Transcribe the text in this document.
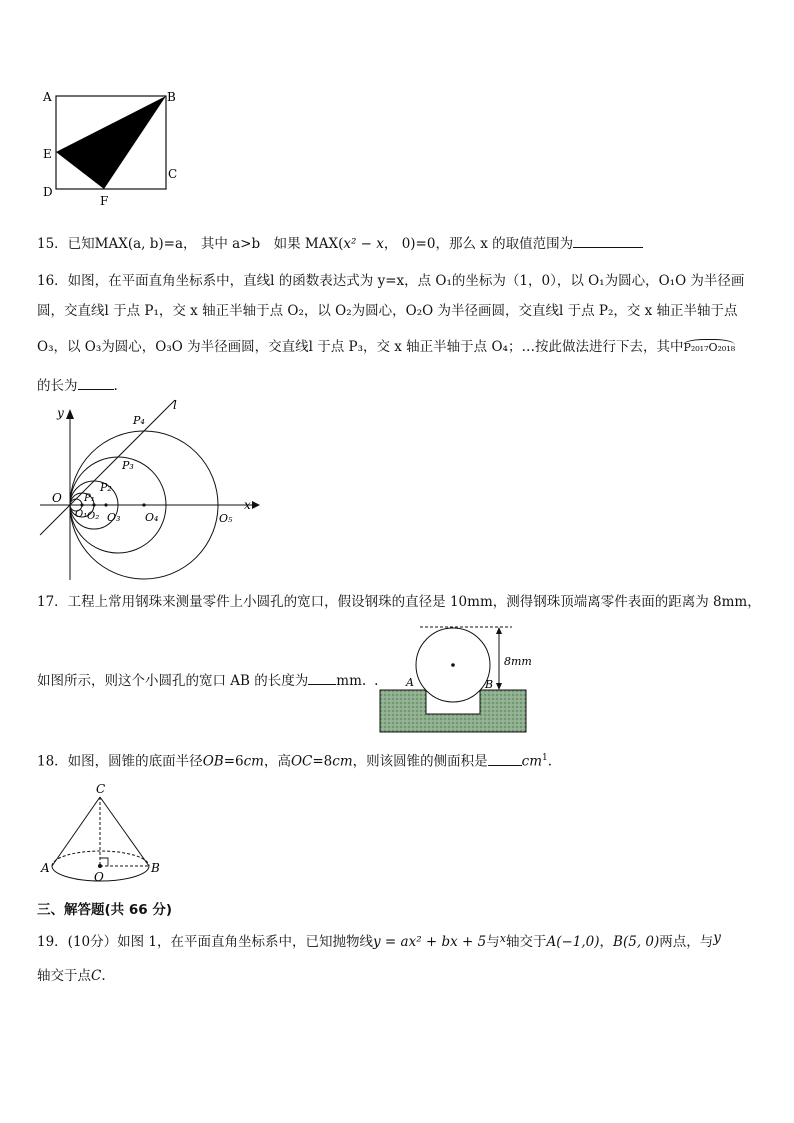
A	B
C
D
E
F
15．已知MAX(a, b)=a， 其中 a>b　如果 MAX(x² − x， 0)=0，那么 x 的取值范围为
16．如图，在平面直角坐标系中，直线l 的函数表达式为 y=x，点 O₁的坐标为（1，0），以 O₁为圆心，O₁O 为半径画
圆，交直线l 于点 P₁，交 x 轴正半轴于点 O₂，以 O₂为圆心，O₂O 为半径画圆，交直线l 于点 P₂，交 x 轴正半轴于点
O₃，以 O₃为圆心，O₃O 为半径画圆，交直线l 于点 P₃，交 x 轴正半轴于点 O₄；…按此做法进行下去，其中P₂₀₁₇O₂₀₁₈
的长为	.
y
x
l
O P₁
P₂
P₃
P₄
O₁ O₂ O₃ O₄	O₅
17．工程上常用钢珠来测量零件上小圆孔的宽口，假设钢珠的直径是 10mm，测得钢珠顶端离零件表面的距离为 8mm，
如图所示，则这个小圆孔的宽口 AB 的长度为 mm. .
8mm
A	B
18．如图，圆锥的底面半径OB=6cm，高OC=8cm，则该圆锥的侧面积是	$cm^1$.
C
A	B
O
三、解答题(共 66 分)
19．(10分）如图 1，在平面直角坐标系中，已知抛物线y = ax² + bx + 5与$^x$轴交于A(−1,0)，B(5, 0)两点，与y
轴交于点C.
